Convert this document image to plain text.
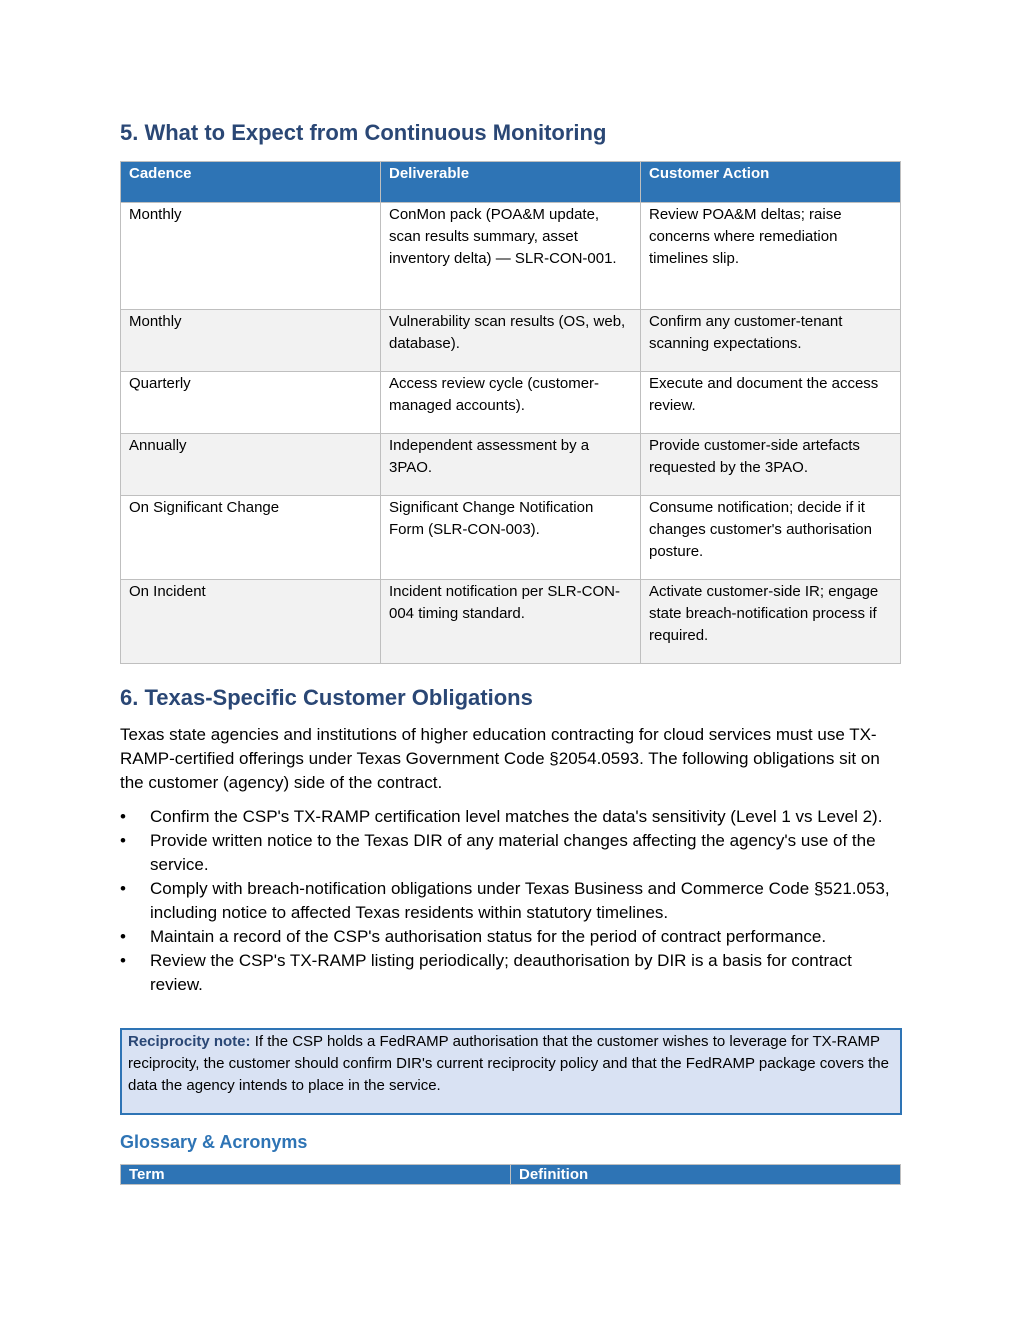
5. What to Expect from Continuous Monitoring
Cadence	Deliverable	Customer Action
Monthly	ConMon pack (POA&M update, scan results summary, asset inventory delta) — SLR-CON-001.	Review POA&M deltas; raise concerns where remediation timelines slip.
Monthly	Vulnerability scan results (OS, web, database).	Confirm any customer-tenant scanning expectations.
Quarterly	Access review cycle (customer-managed accounts).	Execute and document the access review.
Annually	Independent assessment by a 3PAO.	Provide customer-side artefacts requested by the 3PAO.
On Significant Change	Significant Change Notification Form (SLR-CON-003).	Consume notification; decide if it changes customer's authorisation posture.
On Incident	Incident notification per SLR-CON-004 timing standard.	Activate customer-side IR; engage state breach-notification process if required.
6. Texas-Specific Customer Obligations

Texas state agencies and institutions of higher education contracting for cloud services must use TX-RAMP-certified offerings under Texas Government Code §2054.0593. The following obligations sit on the customer (agency) side of the contract.

• Confirm the CSP's TX-RAMP certification level matches the data's sensitivity (Level 1 vs Level 2).
• Provide written notice to the Texas DIR of any material changes affecting the agency's use of the service.
• Comply with breach-notification obligations under Texas Business and Commerce Code §521.053, including notice to affected Texas residents within statutory timelines.
• Maintain a record of the CSP's authorisation status for the period of contract performance.
• Review the CSP's TX-RAMP listing periodically; deauthorisation by DIR is a basis for contract review.
Reciprocity note: If the CSP holds a FedRAMP authorisation that the customer wishes to leverage for TX-RAMP reciprocity, the customer should confirm DIR's current reciprocity policy and that the FedRAMP package covers the data the agency intends to place in the service.
Glossary & Acronyms
Term	Definition
